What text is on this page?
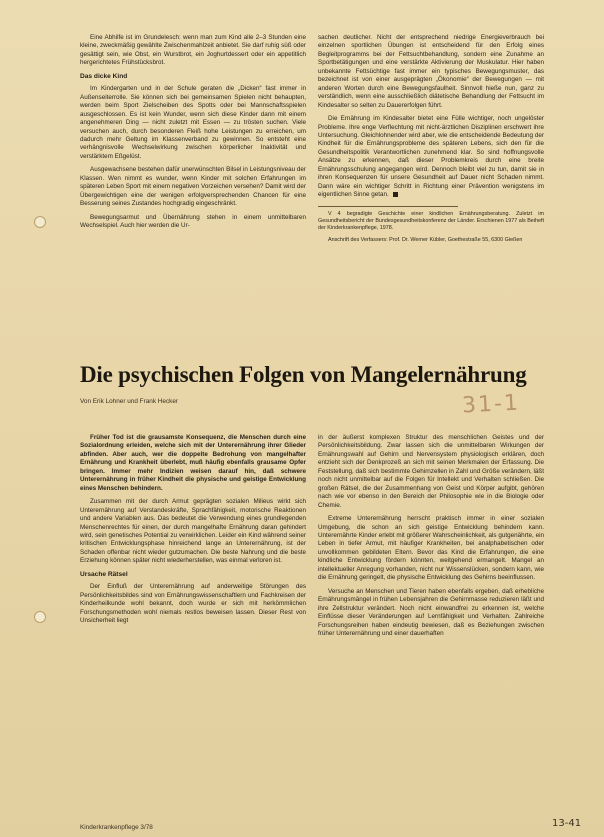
Eine Abhilfe ist im Grundelesch: wenn man zum Kind alle 2–3 Stunden eine kleine, zweckmäßig gewählte Zwischenmahlzeit anbietet. Sie darf ruhig süß oder gesättigt sein, wie Obst, ein Wurstbrot, ein Joghurtdessert oder ein appetitlich hergerichtetes Frühstücksbrot.

Das dicke Kind

Im Kindergarten und in der Schule geraten die „Dicken“ fast immer in Außenseiterrolle. Sie können sich bei gemeinsamen Spielen nicht behaupten, werden beim Sport Zielscheiben des Spotts oder bei Mannschaftsspielen ausgeschlossen. Es ist kein Wunder, wenn sich diese Kinder dann mit einem angenehmeren Ding — nicht zuletzt mit Essen — zu trösten suchen. Viele versuchen auch, durch besonderen Fleiß hohe Leistungen zu erreichen, um dadurch mehr Geltung im Klassenverband zu gewinnen. So entsteht eine verhängnisvolle Wechselwirkung zwischen körperlicher Inaktivität und verstärktem Eßgelüst.

Ausgewachsene bestehen dafür unerwünschten Bilsel in Leistungsniveau der Klassen. Wen nimmt es wunder, wenn Kinder mit solchen Erfahrungen im späteren Leben Sport mit einem negativen Vorzeichen versehen? Damit wird der Übergewichtigen eine der wenigen erfolgversprechenden Chancen für eine Besserung seines Zustandes hochgradig eingeschränkt.

Bewegungsarmut und Übernährung stehen in einem unmittelbaren Wechselspiel. Auch hier werden die Ur-

sachen deutlicher. Nicht der entsprechend niedrige Energieverbrauch bei einzelnen sportlichen Übungen ist entscheidend für den Erfolg eines Begleitprogramms bei der Fettsuchtbehandlung, sondern eine Zunahme an Sportbetätigungen und eine verstärkte Aktivierung der Muskulatur. Hier haben unbekannte Fettsüchtige fast immer ein typisches Bewegungsmuster, das bezeichnet ist von einer ausgeprägten „Ökonomie“ der Bewegungen — mit anderen Worten durch eine Bewegungsfaulheit. Sinnvoll hieße nun, ganz zu verständlich, wenn eine ausschließlich diätetische Behandlung der Fettsucht im Kindesalter so selten zu Dauererfolgen führt.

Die Ernährung im Kindesalter bietet eine Fülle wichtiger, noch ungelöster Probleme. Ihre enge Verflechtung mit nicht-ärztlichen Disziplinen erschwert ihre Untersuchung. Gleichlohnender wird aber, wie die entscheidende Bedeutung der Kindheit für die Ernährungsprobleme des späteren Lebens, sich den für die Gesundheitspolitik Verantwortlichen zunehmend klar. So sind hoffnungsvolle Ansätze zu erkennen, daß dieser Problemkreis durch eine breite Ernährungsschulung angegangen wird. Dennoch bleibt viel zu tun, damit sie in ihren Konsequenzen für unsere Gesundheit auf Dauer nicht Schaden nimmt. Dann wäre ein wichtiger Schritt in Richtung einer Prävention wenigstens im eigentlichen Sinne getan.

V 4 begradigte Geschichte einer kindlichen Ernährungsberatung. Zuletzt im Gesundheitsbericht der Bundesgesundheitskonferenz der Länder. Erschienen 1977 als Beiheft der Kinderkrankenpflege, 1978.

Anschrift des Verfassers: Prof. Dr. Werner Kübler, Goethestraße 55, 6300 Gießen

Die psychischen Folgen von Mangelernährung
Von Erik Lohner und Frank Hecker	31-1

Früher Tod ist die grausamste Konsequenz, die Menschen durch eine Sozialordnung erleiden, welche sich mit der Unterernährung ihrer Glieder abfinden. Aber auch, wer die doppelte Bedrohung von mangelhafter Ernährung und Krankheit überlebt, muß häufig ebenfalls grausame Opfer bringen. Immer mehr Indizien weisen darauf hin, daß schwere Unterernährung in früher Kindheit die physische und geistige Entwicklung eines Menschen behindern.

Zusammen mit der durch Armut geprägten sozialen Milieus wirkt sich Unterernährung auf Verstandeskräfte, Sprachfähigkeit, motorische Reaktionen und andere Variablen aus. Das bedeutet die Verwendung eines grundlegenden Menschenrechtes für einen, der durch mangelhafte Ernährung daran gehindert wird, sein genetisches Potential zu verwirklichen. Leider ein Kind während seiner kritischen Entwicklungsphase hinreichend lange an Unterernährung, ist der Schaden offenbar nicht wieder gutzumachen. Die beste Nahrung und die beste Erziehung können später nicht wiederherstellen, was einmal verloren ist.

Ursache Rätsel

Der Einfluß der Unterernährung auf anderweitige Störungen des Persönlichkeitsbildes sind von Ernährungswissenschaftlern und Fachkreisen der Kinderheilkunde wohl bekannt, doch wurde er sich mit herkömmlichen Forschungsmethoden wohl niemals restlos beweisen lassen. Dieser Rest von Unsicherheit liegt

in der äußerst komplexen Struktur des menschlichen Geistes und der Persönlichkeitsbildung. Zwar lassen sich die unmittelbaren Wirkungen der Ernährungswahl auf Gehirn und Nervensystem physiologisch erklären, doch entzieht sich der Denkprozeß an sich mit seinen Merkmalen der Erfassung. Die Feststellung, daß sich bestimmte Gehirnzellen in Zahl und Größe verändern, läßt noch nicht unmittelbar auf die Folgen für Intellekt und Verhalten schließen. Die großen Rätsel, die der Zusammenhang von Geist und Körper aufgibt, gehören nach wie vor ebenso in den Bereich der Philosophie wie in die Biologie oder Chemie.

Extreme Unterernährung herrscht praktisch immer in einer sozialen Umgebung, die schon an sich geistige Entwicklung behindern kann. Unterernährte Kinder erlebt mit größerer Wahrscheinlichkeit, als gutgenährte, ein Leben in tiefer Armut, mit häufiger Krankheiten, bei analphabetischen oder unvollkommen gebildeten Eltern. Bevor das Kind die Erfahrungen, die eine kindliche Entwicklung fördern könnten, weitgehend ermangelt. Mangel an intellektueller Anregung vorhanden, nicht nur Wissenslücken, sondern kann, wie die Ernährung geringelt, die physische Entwicklung des Gehirns beeinflussen.

Versuche an Menschen und Tieren haben ebenfalls ergeben, daß erhebliche Ernährungsmängel in frühen Lebensjahren die Gehirnmasse reduzieren läßt und ihre Zellstruktur verändert. Noch nicht einwandfrei zu erkennen ist, welche Einflüsse dieser Veränderungen auf Lernfähigkeit und Verhalten. Zahlreiche Forschungsreihen haben eindeutig bewiesen, daß es Beziehungen zwischen früher Unterernährung und einer dauerhaften

Kinderkrankenpflege 3/78	13-41
